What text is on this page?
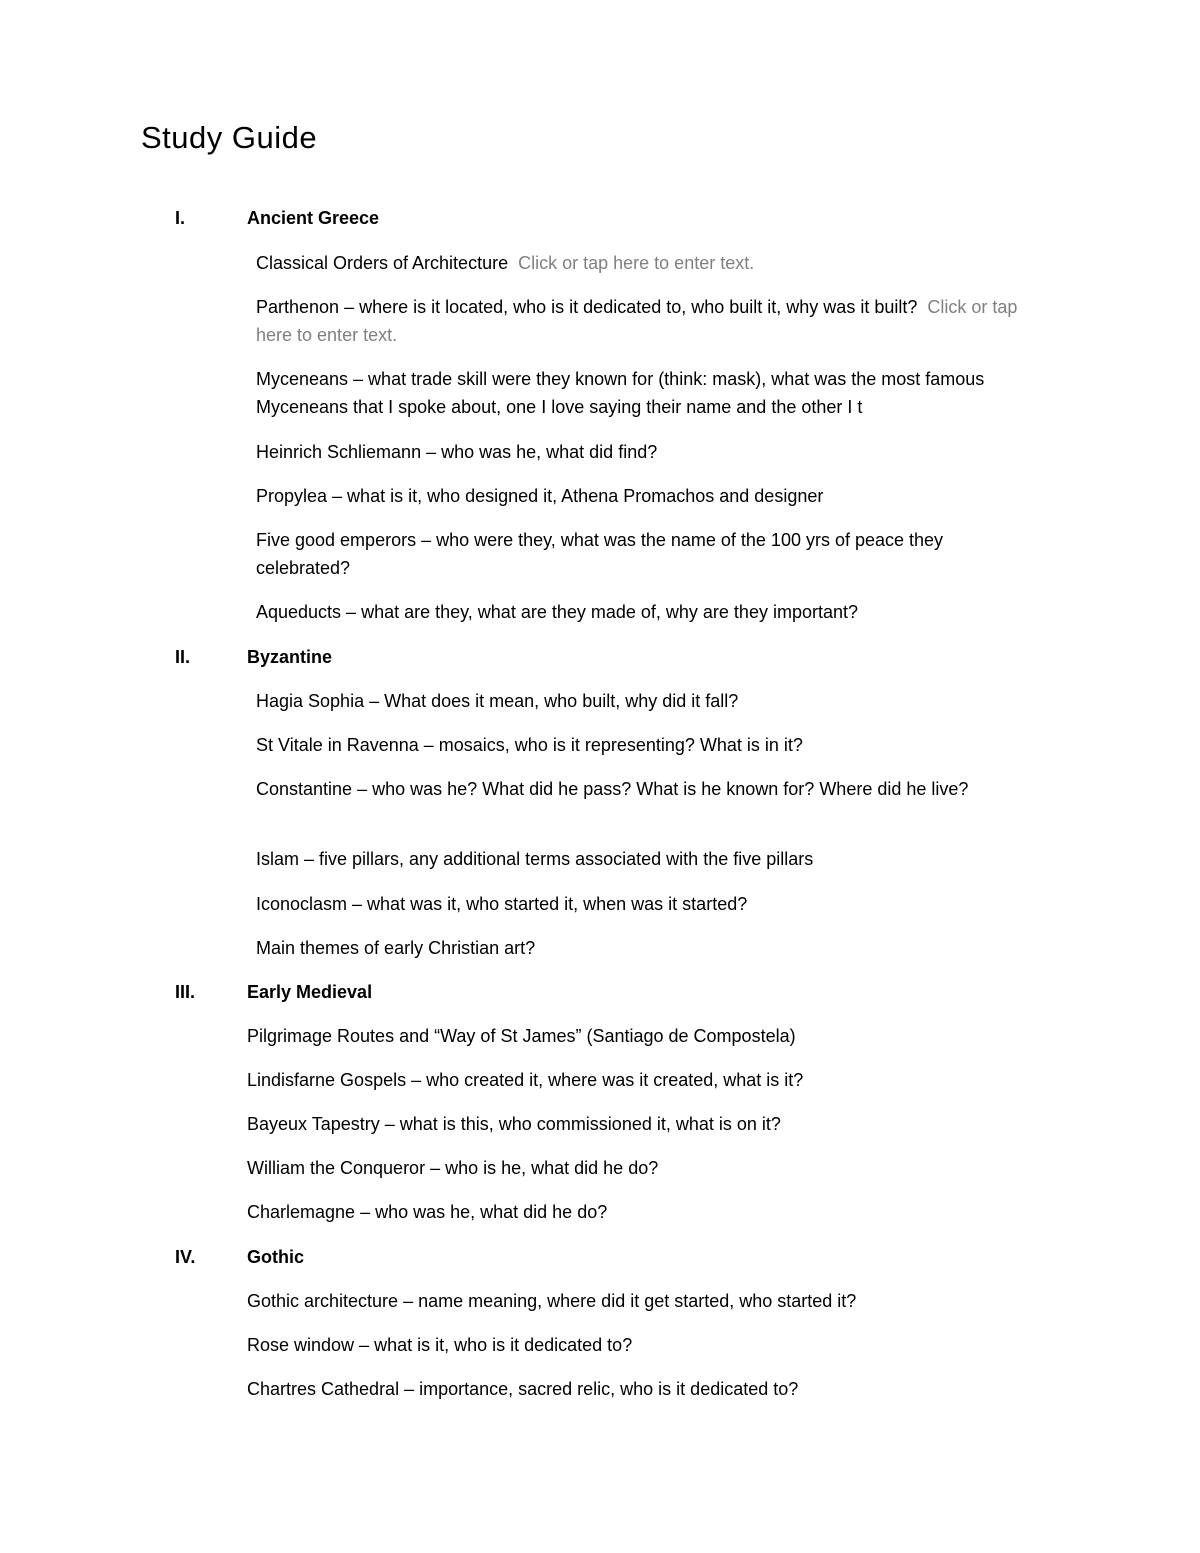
Study Guide
I.	Ancient Greece

Classical Orders of Architecture Click or tap here to enter text.

Parthenon – where is it located, who is it dedicated to, who built it, why was it built? Click or tap here to enter text.

Myceneans – what trade skill were they known for (think: mask), what was the most famous Myceneans that I spoke about, one I love saying their name and the other I t

Heinrich Schliemann – who was he, what did find?

Propylea – what is it, who designed it, Athena Promachos and designer

Five good emperors – who were they, what was the name of the 100 yrs of peace they celebrated?

Aqueducts – what are they, what are they made of, why are they important?

II.	Byzantine

Hagia Sophia – What does it mean, who built, why did it fall?

St Vitale in Ravenna – mosaics, who is it representing? What is in it?

Constantine – who was he? What did he pass? What is he known for? Where did he live?

Islam – five pillars, any additional terms associated with the five pillars

Iconoclasm – what was it, who started it, when was it started?

Main themes of early Christian art?

III.	Early Medieval

Pilgrimage Routes and “Way of St James” (Santiago de Compostela)

Lindisfarne Gospels – who created it, where was it created, what is it?

Bayeux Tapestry – what is this, who commissioned it, what is on it?

William the Conqueror – who is he, what did he do?

Charlemagne – who was he, what did he do?

IV.	Gothic

Gothic architecture – name meaning, where did it get started, who started it?

Rose window – what is it, who is it dedicated to?

Chartres Cathedral – importance, sacred relic, who is it dedicated to?
